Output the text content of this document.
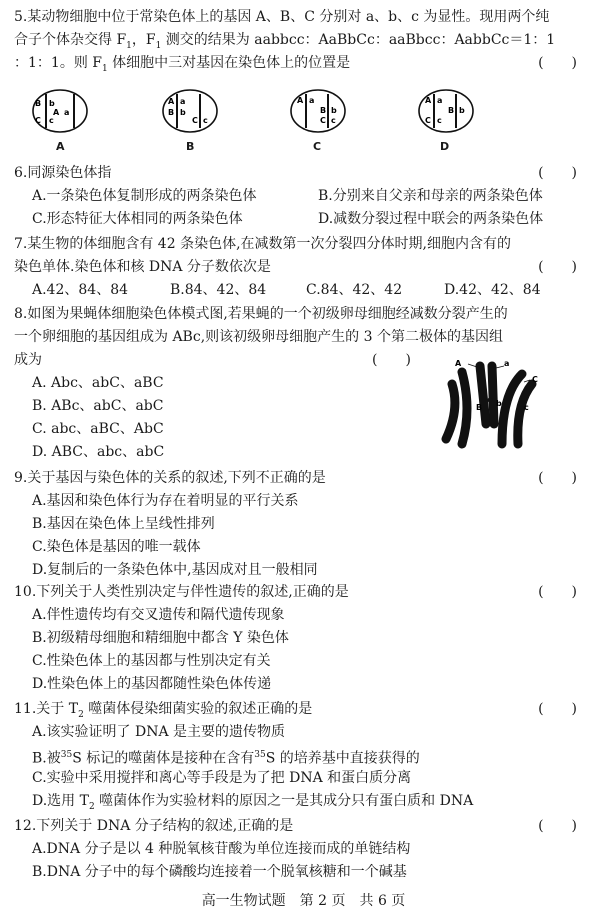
5.某动物细胞中位于常染色体上的基因 A、B、C 分别对 a、b、c 为显性。现用两个纯
合子个体杂交得 $F_1$，$F_1$ 测交的结果为 aabbcc：AaBbCc：aaBbcc：AabbCc＝1：1
：1：1。则 $F_1$ 体细胞中三对基因在染色体上的位置是	(　　)
B b
A a
C c
A
A a
B b
C c
B
A a
B b
C c
C
A a
B b
C c
D
6.同源染色体指	(　　)
A.一条染色体复制形成的两条染色体	B.分别来自父亲和母亲的两条染色体
C.形态特征大体相同的两条染色体	D.减数分裂过程中联会的两条染色体
7.某生物的体细胞含有 42 条染色体,在减数第一次分裂四分体时期,细胞内含有的
染色单体.染色体和核 DNA 分子数依次是	(　　)
A.42、84、84	B.84、42、84	C.84、42、42	D.42、42、84
8.如图为果蝇体细胞染色体模式图,若果蝇的一个初级卵母细胞经减数分裂产生的
一个卵细胞的基因组成为 ABc,则该初级卵母细胞产生的 3 个第二极体的基因组
成为	(　　)
A. Abc、abC、aBC
B. ABc、abC、abC
C. abc、aBC、AbC
D. ABC、abc、abC
A	a
C
B b	c
9.关于基因与染色体的关系的叙述,下列不正确的是	(　　)
A.基因和染色体行为存在着明显的平行关系
B.基因在染色体上呈线性排列
C.染色体是基因的唯一载体
D.复制后的一条染色体中,基因成对且一般相同
10.下列关于人类性别决定与伴性遗传的叙述,正确的是	(　　)
A.伴性遗传均有交叉遗传和隔代遗传现象
B.初级精母细胞和精细胞中都含 Y 染色体
C.性染色体上的基因都与性别决定有关
D.性染色体上的基因都随性染色体传递
11.关于 $T_2$ 噬菌体侵染细菌实验的叙述正确的是	(　　)
A.该实验证明了 DNA 是主要的遗传物质
B.被$^{35}$S 标记的噬菌体是接种在含有$^{35}$S 的培养基中直接获得的
C.实验中采用搅拌和离心等手段是为了把 DNA 和蛋白质分离
D.选用 $T_2$ 噬菌体作为实验材料的原因之一是其成分只有蛋白质和 DNA
12.下列关于 DNA 分子结构的叙述,正确的是	(　　)
A.DNA 分子是以 4 种脱氧核苷酸为单位连接而成的单链结构
B.DNA 分子中的每个磷酸均连接着一个脱氧核糖和一个碱基
高一生物试题　第 2 页　共 6 页
